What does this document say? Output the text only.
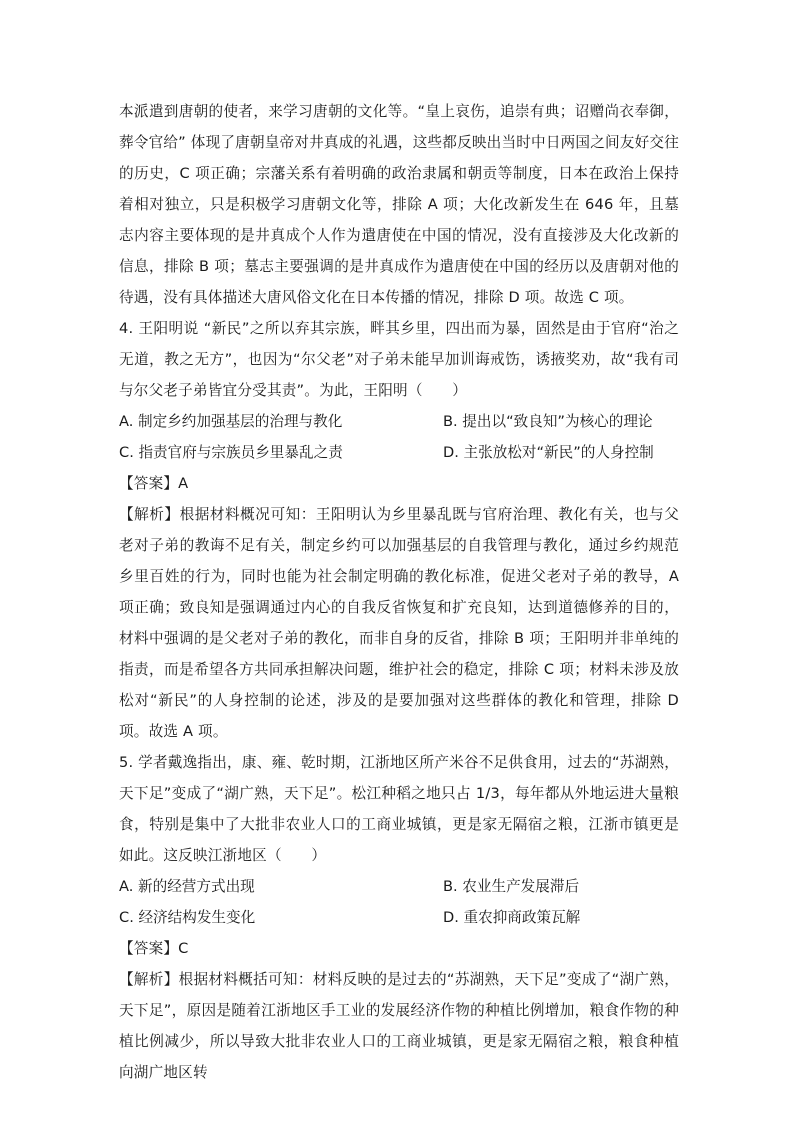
本派遣到唐朝的使者，来学习唐朝的文化等。“皇上哀伤，追崇有典；诏赠尚衣奉御，葬令官给” 体现了唐朝皇帝对井真成的礼遇，这些都反映出当时中日两国之间友好交往的历史，C 项正确；宗藩关系有着明确的政治隶属和朝贡等制度，日本在政治上保持着相对独立，只是积极学习唐朝文化等，排除 A 项；大化改新发生在 646 年，且墓志内容主要体现的是井真成个人作为遣唐使在中国的情况，没有直接涉及大化改新的信息，排除 B 项；墓志主要强调的是井真成作为遣唐使在中国的经历以及唐朝对他的待遇，没有具体描述大唐风俗文化在日本传播的情况，排除 D 项。故选 C 项。

4. 王阳明说 “新民”之所以弃其宗族，畔其乡里，四出而为暴，固然是由于官府“治之无道，教之无方”，也因为“尔父老”对子弟未能早加训诲戒饬，诱掖奖劝，故“我有司与尔父老子弟皆宜分受其责”。为此，王阳明（　　）

A. 制定乡约加强基层的治理与教化	B. 提出以“致良知”为核心的理论
C. 指责官府与宗族员乡里暴乱之责	D. 主张放松对“新民”的人身控制

【答案】A

【解析】根据材料概况可知：王阳明认为乡里暴乱既与官府治理、教化有关，也与父老对子弟的教诲不足有关，制定乡约可以加强基层的自我管理与教化，通过乡约规范乡里百姓的行为，同时也能为社会制定明确的教化标准，促进父老对子弟的教导，A 项正确；致良知是强调通过内心的自我反省恢复和扩充良知，达到道德修养的目的，材料中强调的是父老对子弟的教化，而非自身的反省，排除 B 项；王阳明并非单纯的指责，而是希望各方共同承担解决问题，维护社会的稳定，排除 C 项；材料未涉及放松对“新民”的人身控制的论述，涉及的是要加强对这些群体的教化和管理，排除 D 项。故选 A 项。

5. 学者戴逸指出，康、雍、乾时期，江浙地区所产米谷不足供食用，过去的“苏湖熟，天下足”变成了“湖广熟，天下足”。松江种稻之地只占 1/3，每年都从外地运进大量粮食，特别是集中了大批非农业人口的工商业城镇，更是家无隔宿之粮，江浙市镇更是如此。这反映江浙地区（　　）

A. 新的经营方式出现	B. 农业生产发展滞后
C. 经济结构发生变化	D. 重农抑商政策瓦解

【答案】C

【解析】根据材料概括可知：材料反映的是过去的“苏湖熟，天下足”变成了“湖广熟，天下足”，原因是随着江浙地区手工业的发展经济作物的种植比例增加，粮食作物的种植比例减少，所以导致大批非农业人口的工商业城镇，更是家无隔宿之粮，粮食种植向湖广地区转
